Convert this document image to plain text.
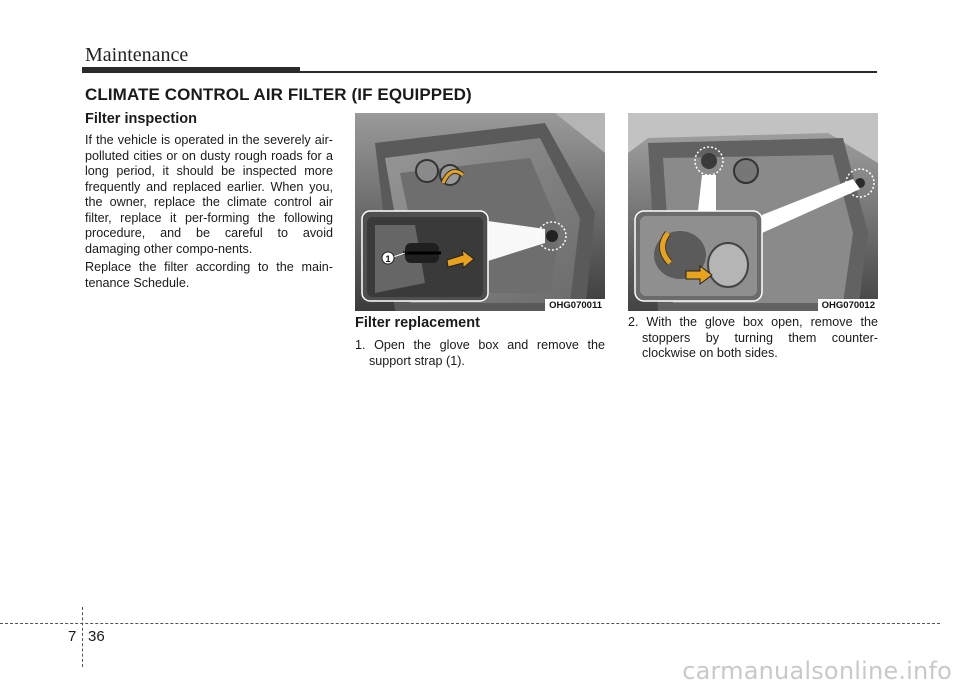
Maintenance
CLIMATE CONTROL AIR FILTER (IF EQUIPPED)
Filter inspection
If the vehicle is operated in the severely air-polluted cities or on dusty rough roads for a long period, it should be inspected more frequently and replaced earlier. When you, the owner, replace the climate control air filter, replace it per-forming the following procedure, and be careful to avoid damaging other compo-nents.
Replace the filter according to the main-tenance Schedule.
1
OHG070011	OHG070012
Filter replacement
1. Open the glove box and remove the support strap (1).
2. With the glove box open, remove the stoppers by turning them counter-clockwise on both sides.
7 36
carmanualsonline.info
